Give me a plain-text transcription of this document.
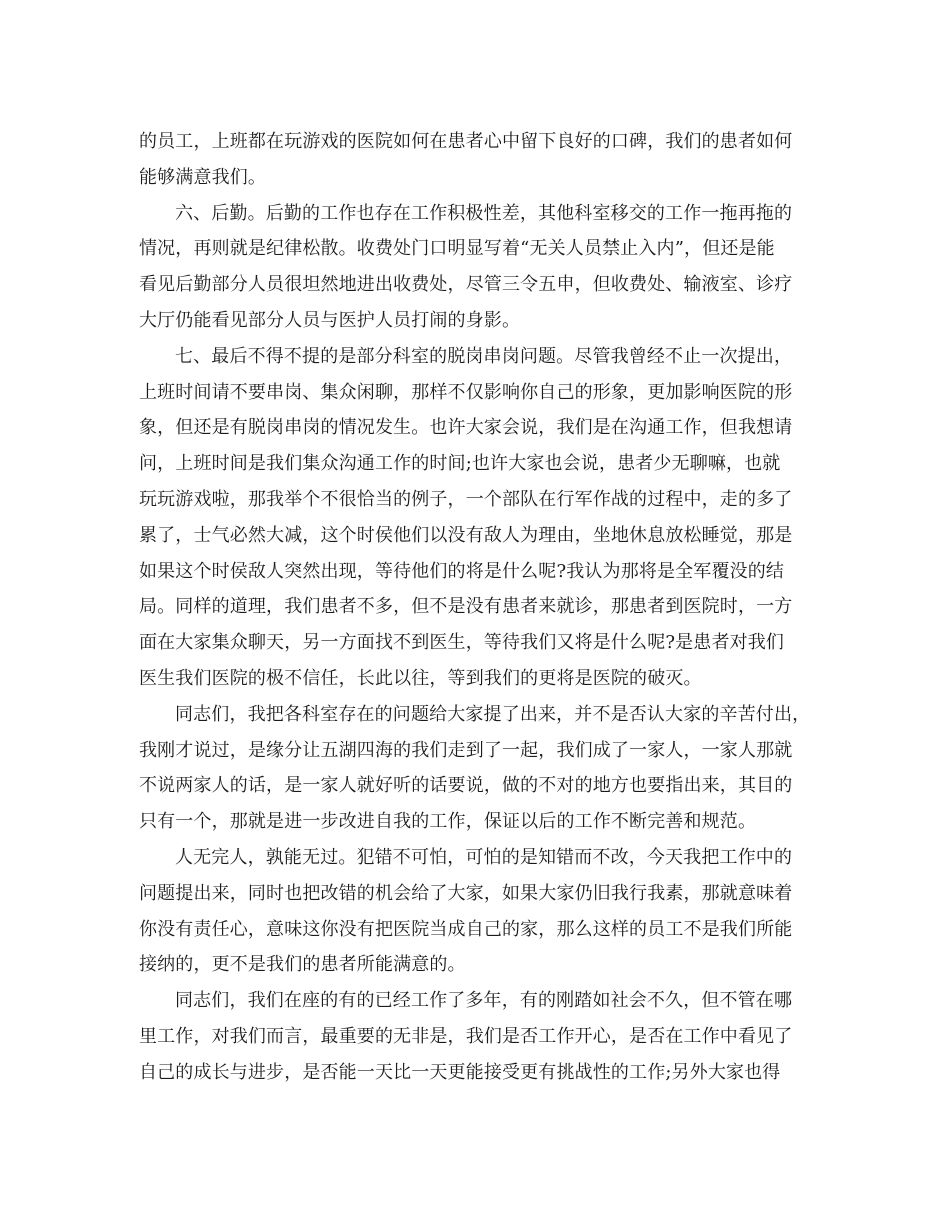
的员工，上班都在玩游戏的医院如何在患者心中留下良好的口碑，我们的患者如何
能够满意我们。
六、后勤。后勤的工作也存在工作积极性差，其他科室移交的工作一拖再拖的
情况，再则就是纪律松散。收费处门口明显写着“无关人员禁止入内”，但还是能
看见后勤部分人员很坦然地进出收费处，尽管三令五申，但收费处、输液室、诊疗
大厅仍能看见部分人员与医护人员打闹的身影。
七、最后不得不提的是部分科室的脱岗串岗问题。尽管我曾经不止一次提出，
上班时间请不要串岗、集众闲聊，那样不仅影响你自己的形象，更加影响医院的形
象，但还是有脱岗串岗的情况发生。也许大家会说，我们是在沟通工作，但我想请
问，上班时间是我们集众沟通工作的时间;也许大家也会说，患者少无聊嘛，也就
玩玩游戏啦，那我举个不很恰当的例子，一个部队在行军作战的过程中，走的多了
累了，士气必然大减，这个时侯他们以没有敌人为理由，坐地休息放松睡觉，那是
如果这个时侯敌人突然出现，等待他们的将是什么呢?我认为那将是全军覆没的结
局。同样的道理，我们患者不多，但不是没有患者来就诊，那患者到医院时，一方
面在大家集众聊天，另一方面找不到医生，等待我们又将是什么呢?是患者对我们
医生我们医院的极不信任，长此以往，等到我们的更将是医院的破灭。
同志们，我把各科室存在的问题给大家提了出来，并不是否认大家的辛苦付出，
我刚才说过，是缘分让五湖四海的我们走到了一起，我们成了一家人，一家人那就
不说两家人的话，是一家人就好听的话要说，做的不对的地方也要指出来，其目的
只有一个，那就是进一步改进自我的工作，保证以后的工作不断完善和规范。
人无完人，孰能无过。犯错不可怕，可怕的是知错而不改，今天我把工作中的
问题提出来，同时也把改错的机会给了大家，如果大家仍旧我行我素，那就意味着
你没有责任心，意味这你没有把医院当成自己的家，那么这样的员工不是我们所能
接纳的，更不是我们的患者所能满意的。
同志们，我们在座的有的已经工作了多年，有的刚踏如社会不久，但不管在哪
里工作，对我们而言，最重要的无非是，我们是否工作开心，是否在工作中看见了
自己的成长与进步，是否能一天比一天更能接受更有挑战性的工作;另外大家也得
